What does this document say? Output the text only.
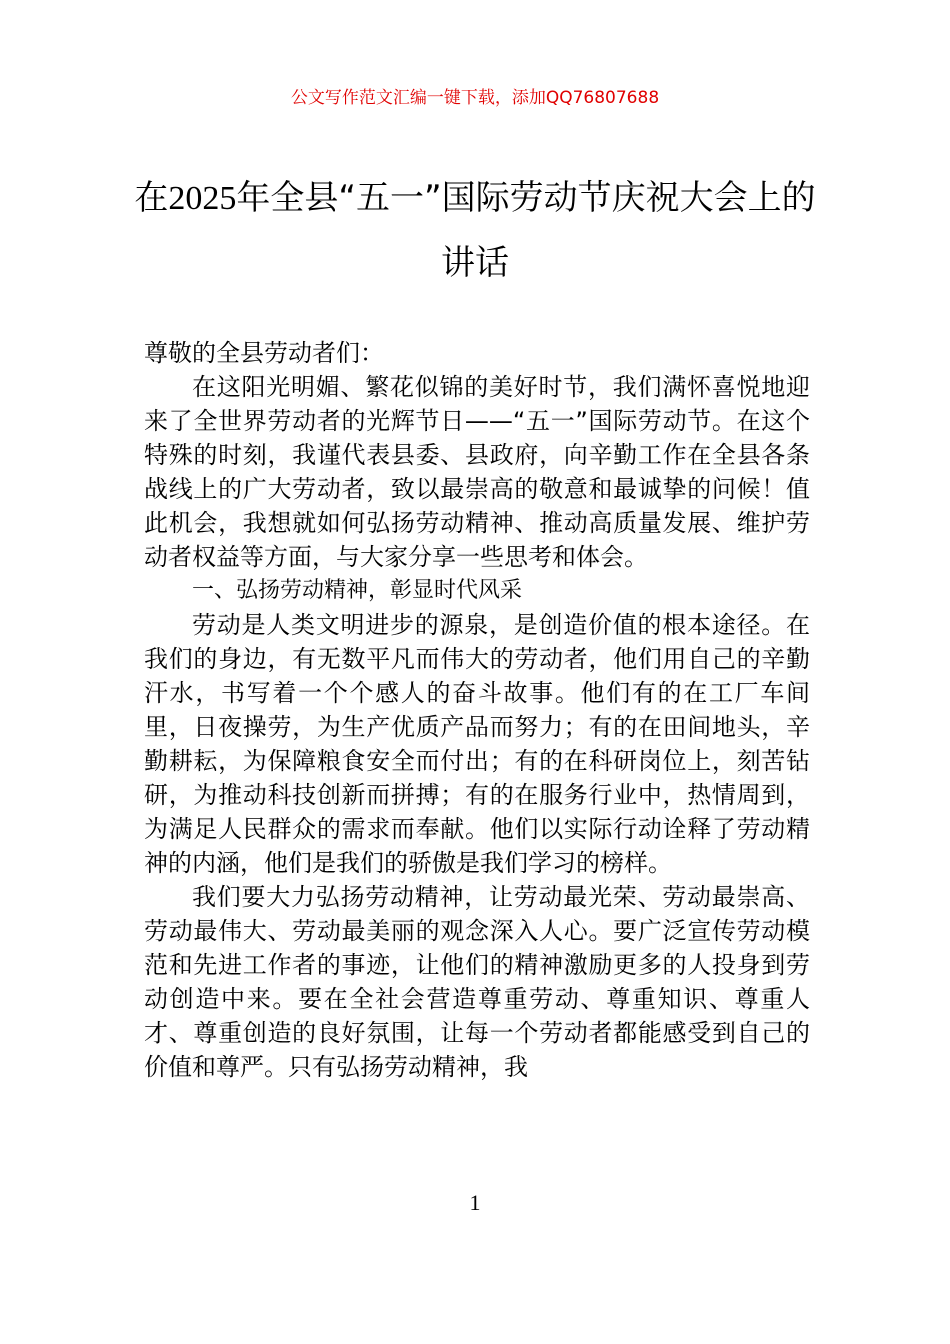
公文写作范文汇编一键下载，添加QQ76807688
在2025年全县“五一”国际劳动节庆祝大会上的讲话

尊敬的全县劳动者们：

在这阳光明媚、繁花似锦的美好时节，我们满怀喜悦地迎来了全世界劳动者的光辉节日——“五一”国际劳动节。在这个特殊的时刻，我谨代表县委、县政府，向辛勤工作在全县各条战线上的广大劳动者，致以最崇高的敬意和最诚挚的问候！值此机会，我想就如何弘扬劳动精神、推动高质量发展、维护劳动者权益等方面，与大家分享一些思考和体会。

一、弘扬劳动精神，彰显时代风采

劳动是人类文明进步的源泉，是创造价值的根本途径。在我们的身边，有无数平凡而伟大的劳动者，他们用自己的辛勤汗水，书写着一个个感人的奋斗故事。他们有的在工厂车间里，日夜操劳，为生产优质产品而努力；有的在田间地头，辛勤耕耘，为保障粮食安全而付出；有的在科研岗位上，刻苦钻研，为推动科技创新而拼搏；有的在服务行业中，热情周到，为满足人民群众的需求而奉献。他们以实际行动诠释了劳动精神的内涵，他们是我们的骄傲是我们学习的榜样。

我们要大力弘扬劳动精神，让劳动最光荣、劳动最崇高、劳动最伟大、劳动最美丽的观念深入人心。要广泛宣传劳动模范和先进工作者的事迹，让他们的精神激励更多的人投身到劳动创造中来。要在全社会营造尊重劳动、尊重知识、尊重人才、尊重创造的良好氛围，让每一个劳动者都能感受到自己的价值和尊严。只有弘扬劳动精神，我

1
